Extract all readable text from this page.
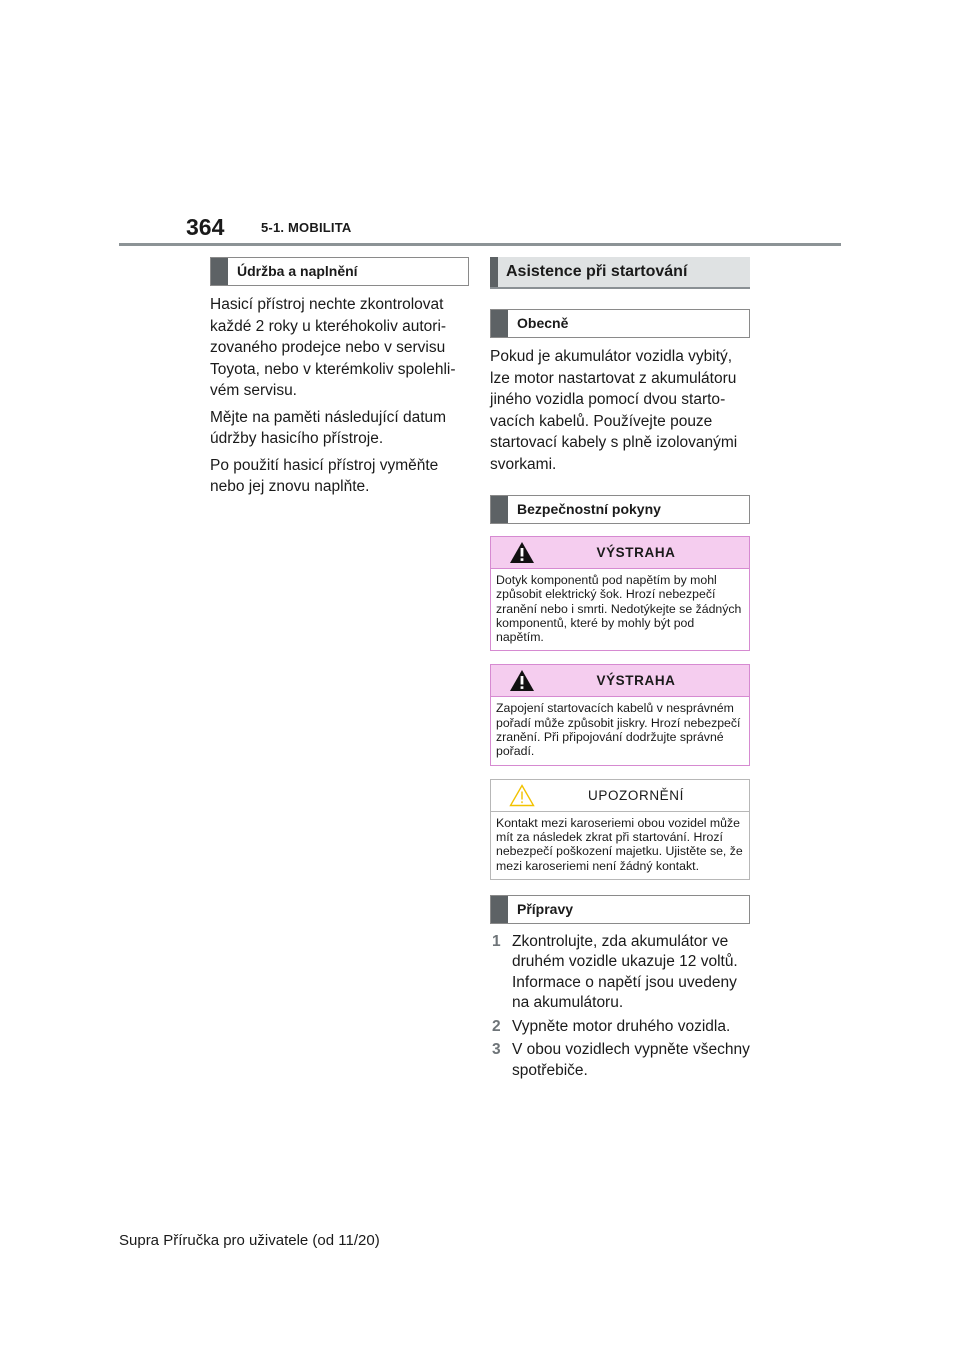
364	5-1. MOBILITA
Údržba a naplnění

Hasicí přístroj nechte zkontrolovat každé 2 roky u kteréhokoliv autorizovaného prodejce nebo v servisu Toyota, nebo v kterémkoliv spolehlivém servisu.

Mějte na paměti následující datum údržby hasicího přístroje.

Po použití hasicí přístroj vyměňte nebo jej znovu naplňte.

Asistence při startování
Obecně

Pokud je akumulátor vozidla vybitý, lze motor nastartovat z akumulátoru jiného vozidla pomocí dvou startovacích kabelů. Používejte pouze startovací kabely s plně izolovanými svorkami.

Bezpečnostní pokyny
VÝSTRAHA
Dotyk komponentů pod napětím by mohl způsobit elektrický šok. Hrozí nebezpečí zranění nebo i smrti. Nedotýkejte se žádných komponentů, které by mohly být pod napětím.
VÝSTRAHA
Zapojení startovacích kabelů v nesprávném pořadí může způsobit jiskry. Hrozí nebezpečí zranění. Při připojování dodržujte správné pořadí.
UPOZORNĚNÍ
Kontakt mezi karoseriemi obou vozidel může mít za následek zkrat při startování. Hrozí nebezpečí poškození majetku. Ujistěte se, že mezi karoseriemi není žádný kontakt.
Přípravy
1 Zkontrolujte, zda akumulátor ve druhém vozidle ukazuje 12 voltů. Informace o napětí jsou uvedeny na akumulátoru.
2 Vypněte motor druhého vozidla.
3 V obou vozidlech vypněte všechny spotřebiče.
Supra Příručka pro uživatele (od 11/20)
